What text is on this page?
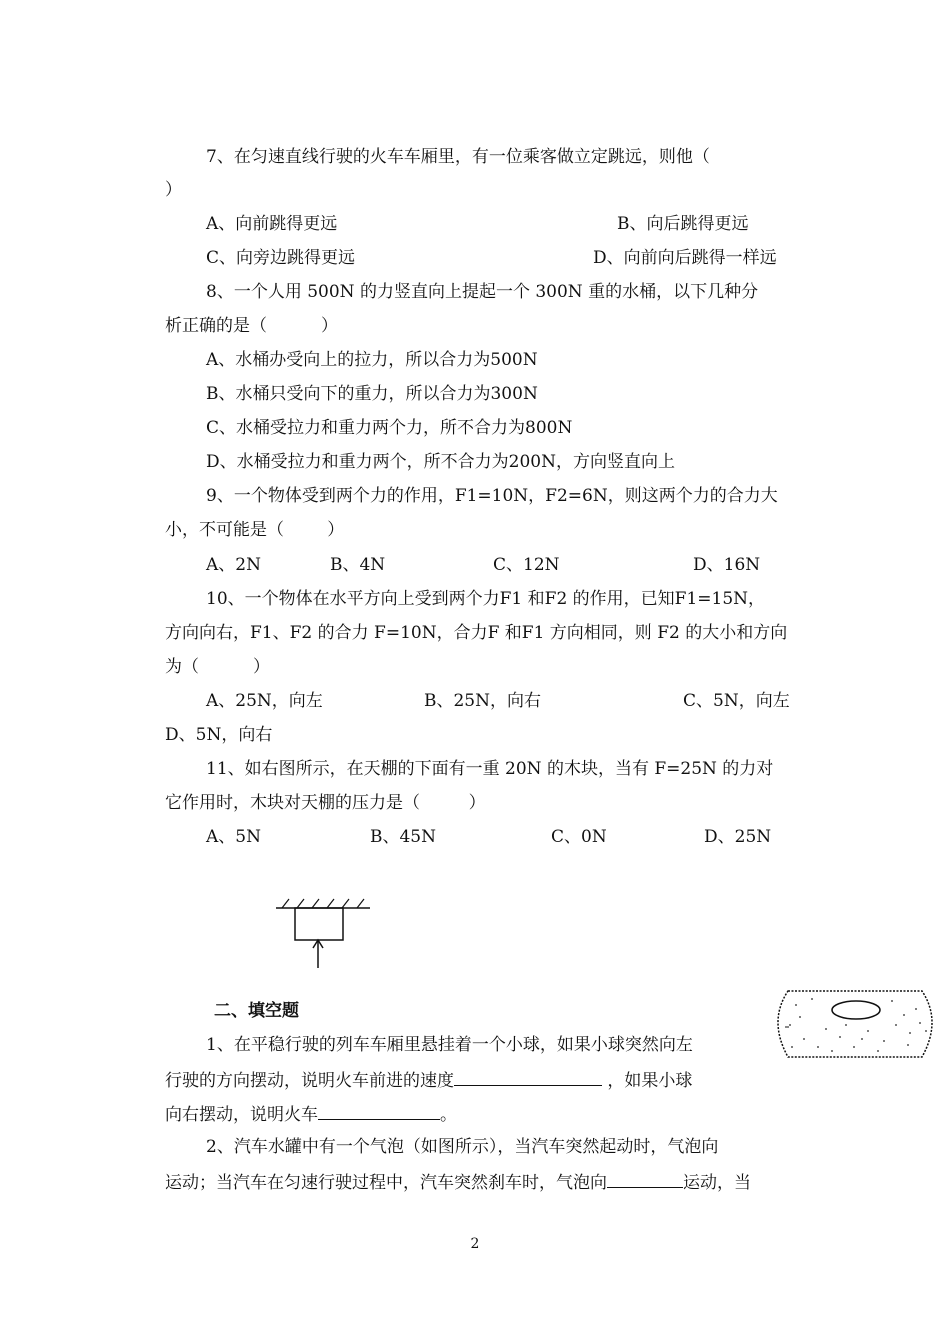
7、在匀速直线行驶的火车车厢里，有一位乘客做立定跳远，则他（
）
A、向前跳得更远	B、向后跳得更远
C、向旁边跳得更远	D、向前向后跳得一样远
8、一个人用 500N 的力竖直向上提起一个 300N 重的水桶，以下几种分
析正确的是（          ）
A、水桶办受向上的拉力，所以合力为500N
B、水桶只受向下的重力，所以合力为300N
C、水桶受拉力和重力两个力，所不合力为800N
D、水桶受拉力和重力两个，所不合力为200N，方向竖直向上
9、一个物体受到两个力的作用，F1=10N，F2=6N，则这两个力的合力大
小，不可能是（        ）
A、2N	B、4N	C、12N	D、16N
10、一个物体在水平方向上受到两个力F1 和F2 的作用，已知F1=15N，
方向向右，F1、F2 的合力 F=10N，合力F 和F1 方向相同，则 F2 的大小和方向
为（          ）
A、25N，向左	B、25N，向右	C、5N，向左
D、5N，向右
11、如右图所示，在天棚的下面有一重 20N 的木块，当有 F=25N 的力对
它作用时，木块对天棚的压力是（         ）
A、5N	B、45N	C、0N	D、25N
二、填空题
1、在平稳行驶的列车车厢里悬挂着一个小球，如果小球突然向左
行驶的方向摆动，说明火车前进的速度	，如果小球
向右摆动，说明火车	。
2、汽车水罐中有一个气泡（如图所示），当汽车突然起动时，气泡向
运动；当汽车在匀速行驶过程中，汽车突然刹车时，气泡向	运动，当
2
